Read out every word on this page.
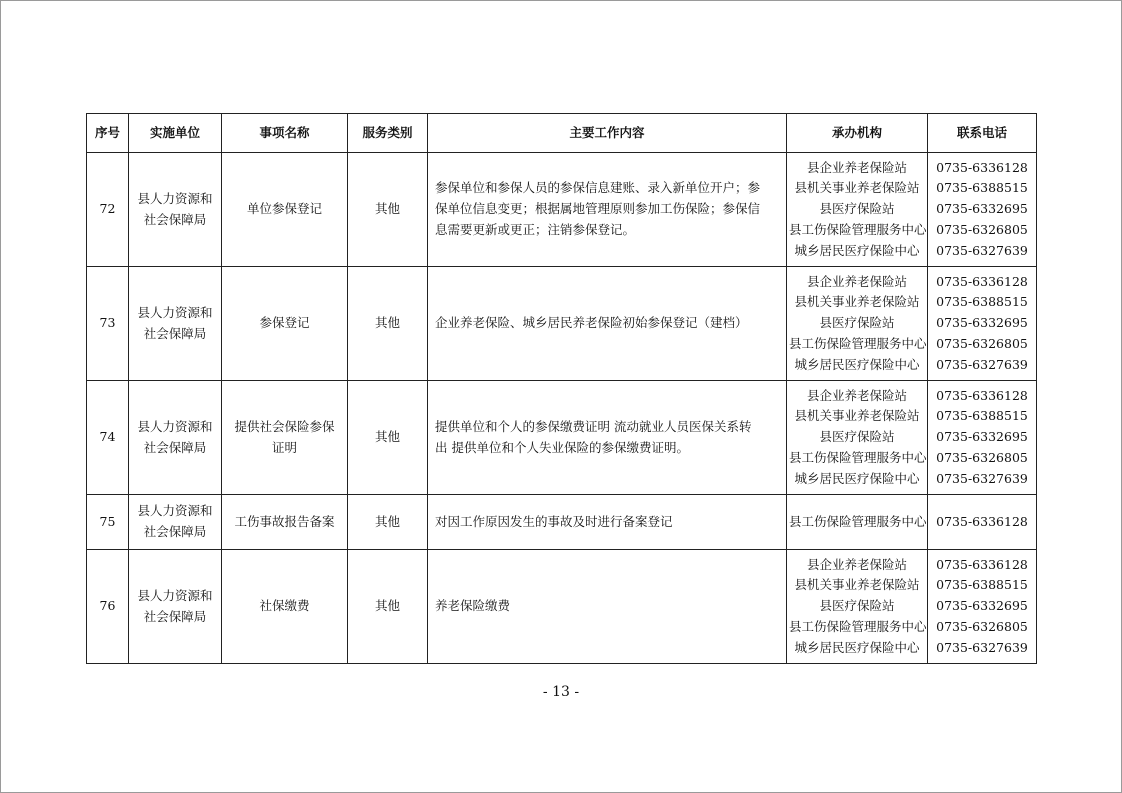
序号	实施单位	事项名称	服务类别	主要工作内容	承办机构	联系电话
72	县人力资源和
社会保障局	单位参保登记	其他	参保单位和参保人员的参保信息建账、录入新单位开户；参
保单位信息变更；根据属地管理原则参加工伤保险；参保信
息需要更新或更正；注销参保登记。	县企业养老保险站
县机关事业养老保险站
县医疗保险站
县工伤保险管理服务中心
城乡居民医疗保险中心	0735-6336128
0735-6388515
0735-6332695
0735-6326805
0735-6327639

73	县人力资源和
社会保障局	参保登记	其他	企业养老保险、城乡居民养老保险初始参保登记（建档）	县企业养老保险站
县机关事业养老保险站
县医疗保险站
县工伤保险管理服务中心
城乡居民医疗保险中心	0735-6336128
0735-6388515
0735-6332695
0735-6326805
0735-6327639

74	县人力资源和
社会保障局	提供社会保险参保
证明	其他	提供单位和个人的参保缴费证明 流动就业人员医保关系转
出 提供单位和个人失业保险的参保缴费证明。	县企业养老保险站
县机关事业养老保险站
县医疗保险站
县工伤保险管理服务中心
城乡居民医疗保险中心	0735-6336128
0735-6388515
0735-6332695
0735-6326805
0735-6327639

75	县人力资源和
社会保障局	工伤事故报告备案	其他	对因工作原因发生的事故及时进行备案登记	县工伤保险管理服务中心	0735-6336128

76	县人力资源和
社会保障局	社保缴费	其他	养老保险缴费	县企业养老保险站
县机关事业养老保险站
县医疗保险站
县工伤保险管理服务中心
城乡居民医疗保险中心	0735-6336128
0735-6388515
0735-6332695
0735-6326805
0735-6327639
- 13 -
